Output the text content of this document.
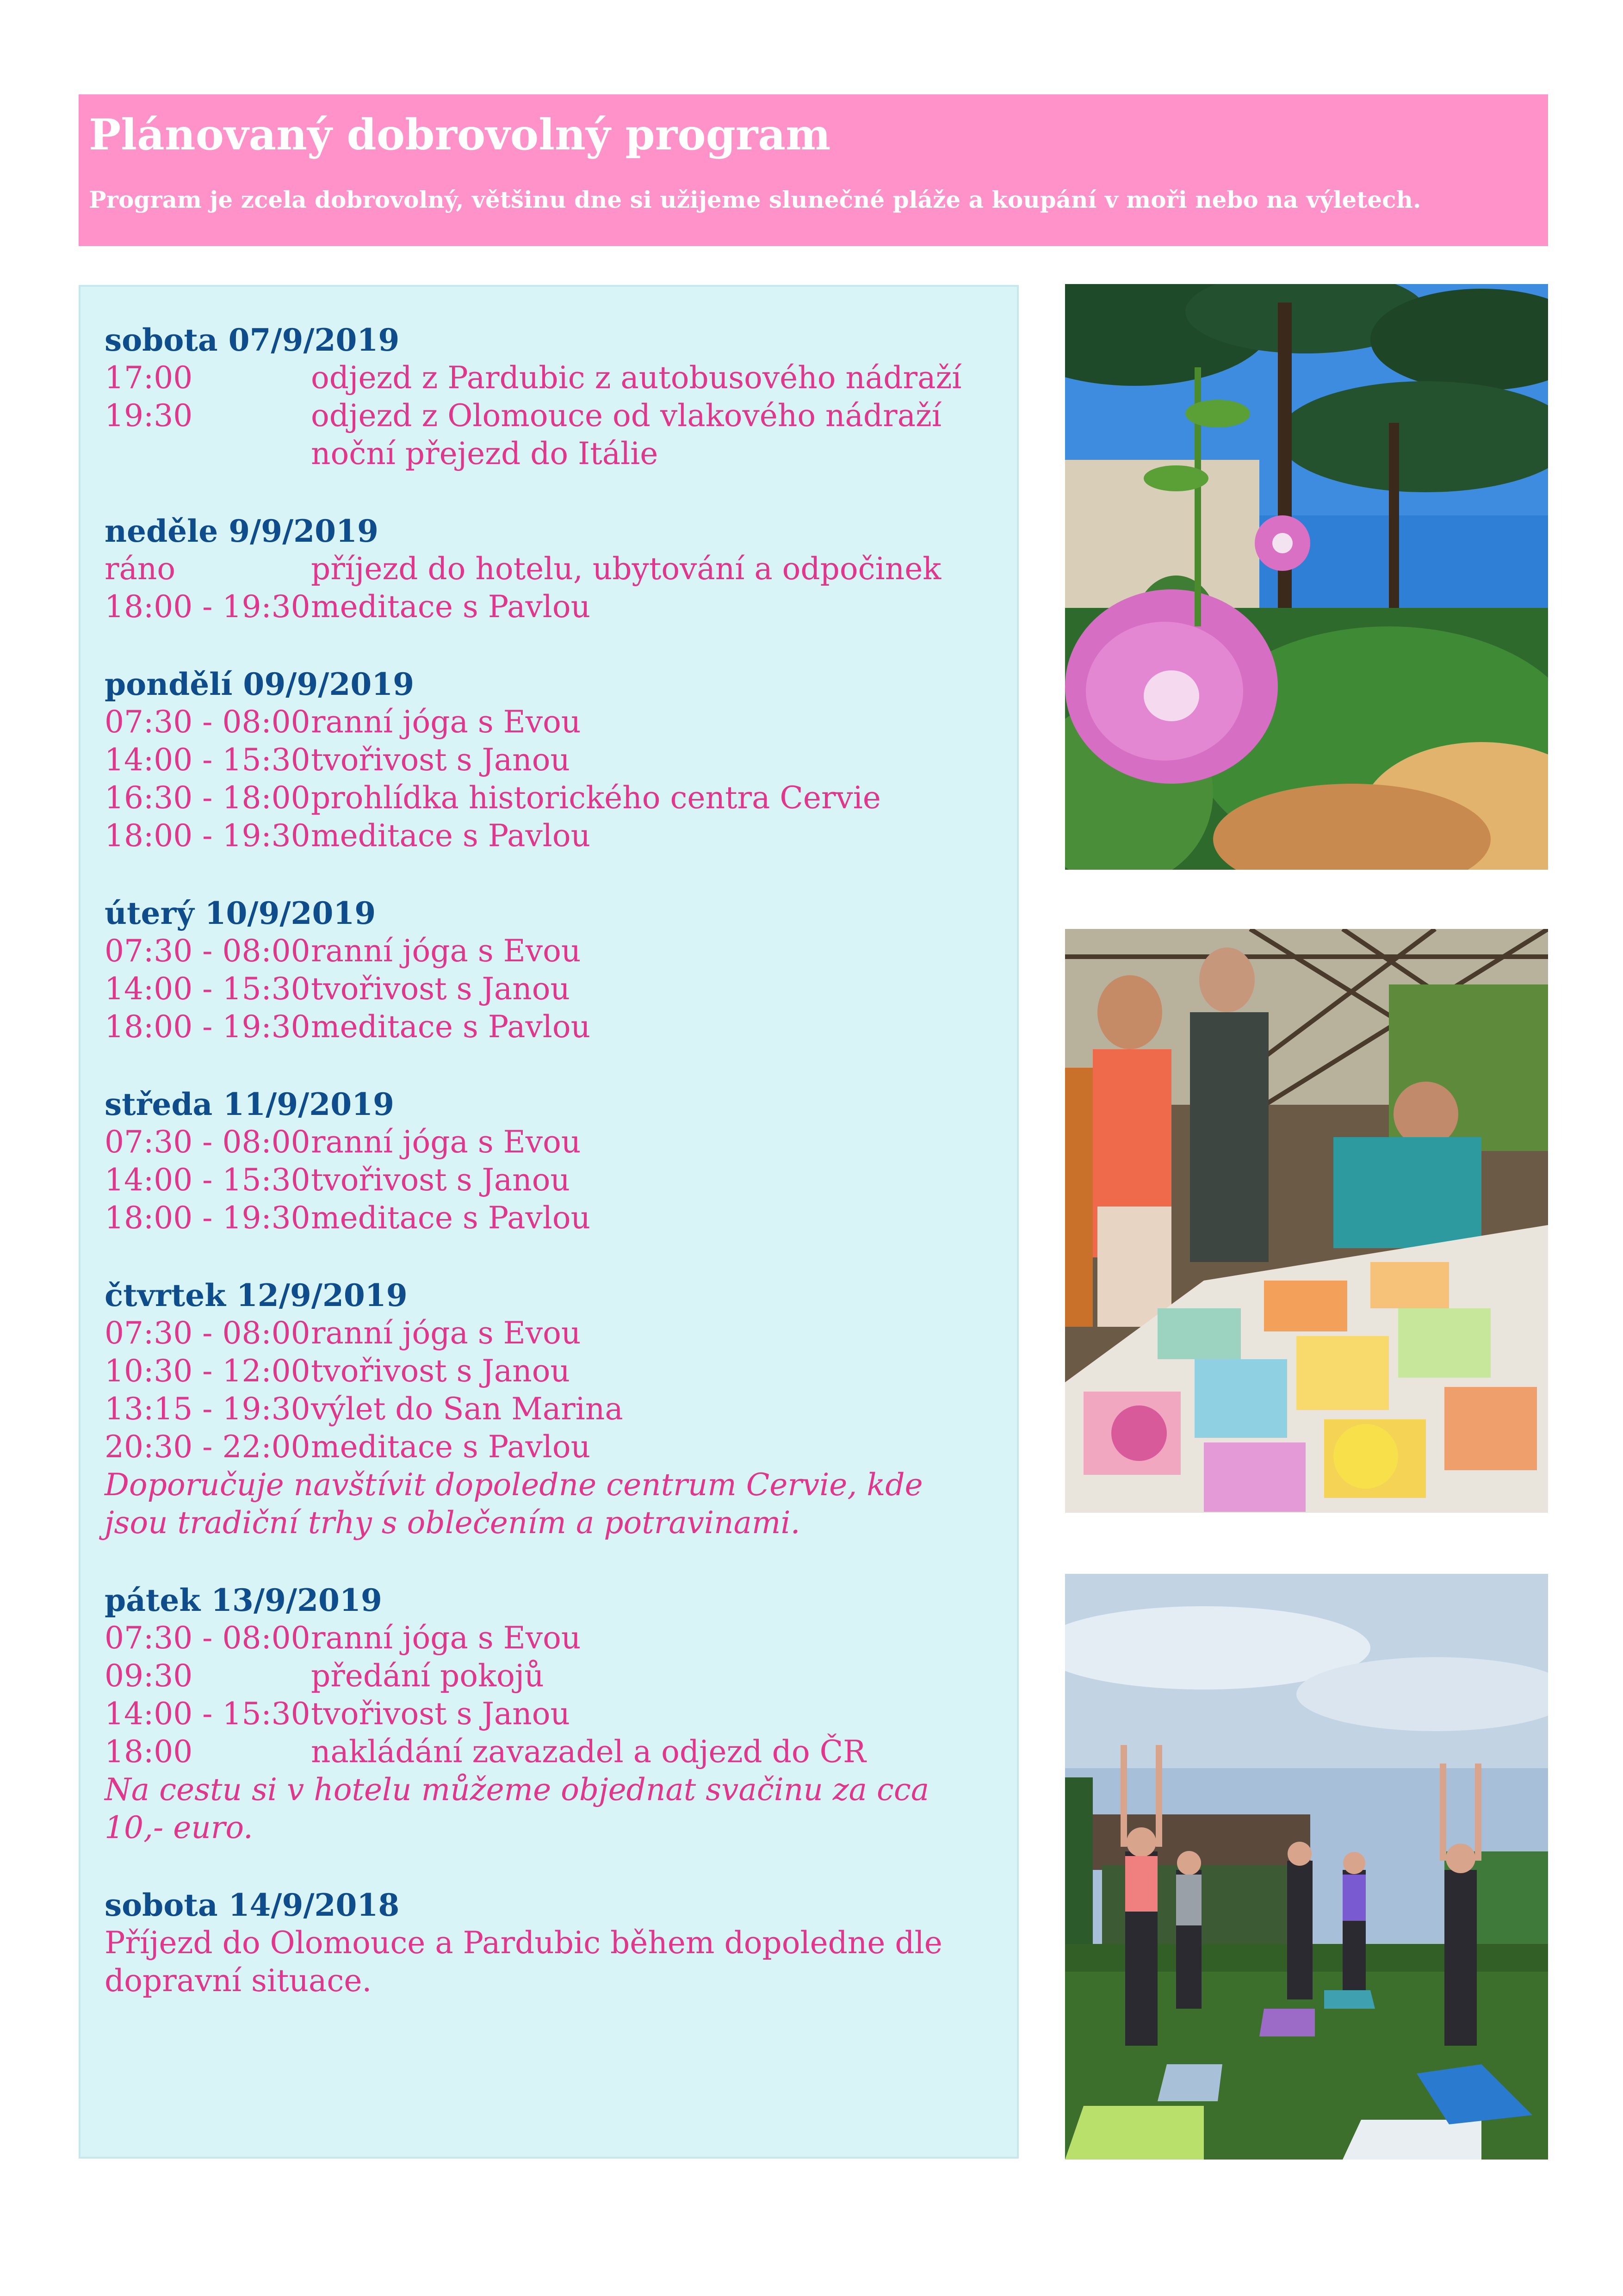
Plánovaný dobrovolný program

Program je zcela dobrovolný, většinu dne si užijeme slunečné pláže a koupání v moři nebo na výletech.

sobota 07/9/2019
17:00	odjezd z Pardubic z autobusového nádraží
19:30	odjezd z Olomouce od vlakového nádraží
noční přejezd do Itálie
neděle 9/9/2019
ráno	příjezd do hotelu, ubytování a odpočinek
18:00 - 19:30 meditace s Pavlou
pondělí 09/9/2019
07:30 - 08:00 ranní jóga s Evou
14:00 - 15:30 tvořivost s Janou
16:30 - 18:00 prohlídka historického centra Cervie
18:00 - 19:30 meditace s Pavlou
úterý 10/9/2019
07:30 - 08:00 ranní jóga s Evou
14:00 - 15:30 tvořivost s Janou
18:00 - 19:30 meditace s Pavlou
středa 11/9/2019
07:30 - 08:00 ranní jóga s Evou
14:00 - 15:30 tvořivost s Janou
18:00 - 19:30 meditace s Pavlou
čtvrtek 12/9/2019
07:30 - 08:00 ranní jóga s Evou
10:30 - 12:00 tvořivost s Janou
13:15 - 19:30 výlet do San Marina
20:30 - 22:00 meditace s Pavlou
Doporučuje navštívit dopoledne centrum Cervie, kde jsou tradiční trhy s oblečením a potravinami.
pátek 13/9/2019
07:30 - 08:00 ranní jóga s Evou
09:30	předání pokojů
14:00 - 15:30 tvořivost s Janou
18:00	nakládání zavazadel a odjezd do ČR
Na cestu si v hotelu můžeme objednat svačinu za cca 10,- euro.
sobota 14/9/2018
Příjezd do Olomouce a Pardubic během dopoledne dle dopravní situace.
